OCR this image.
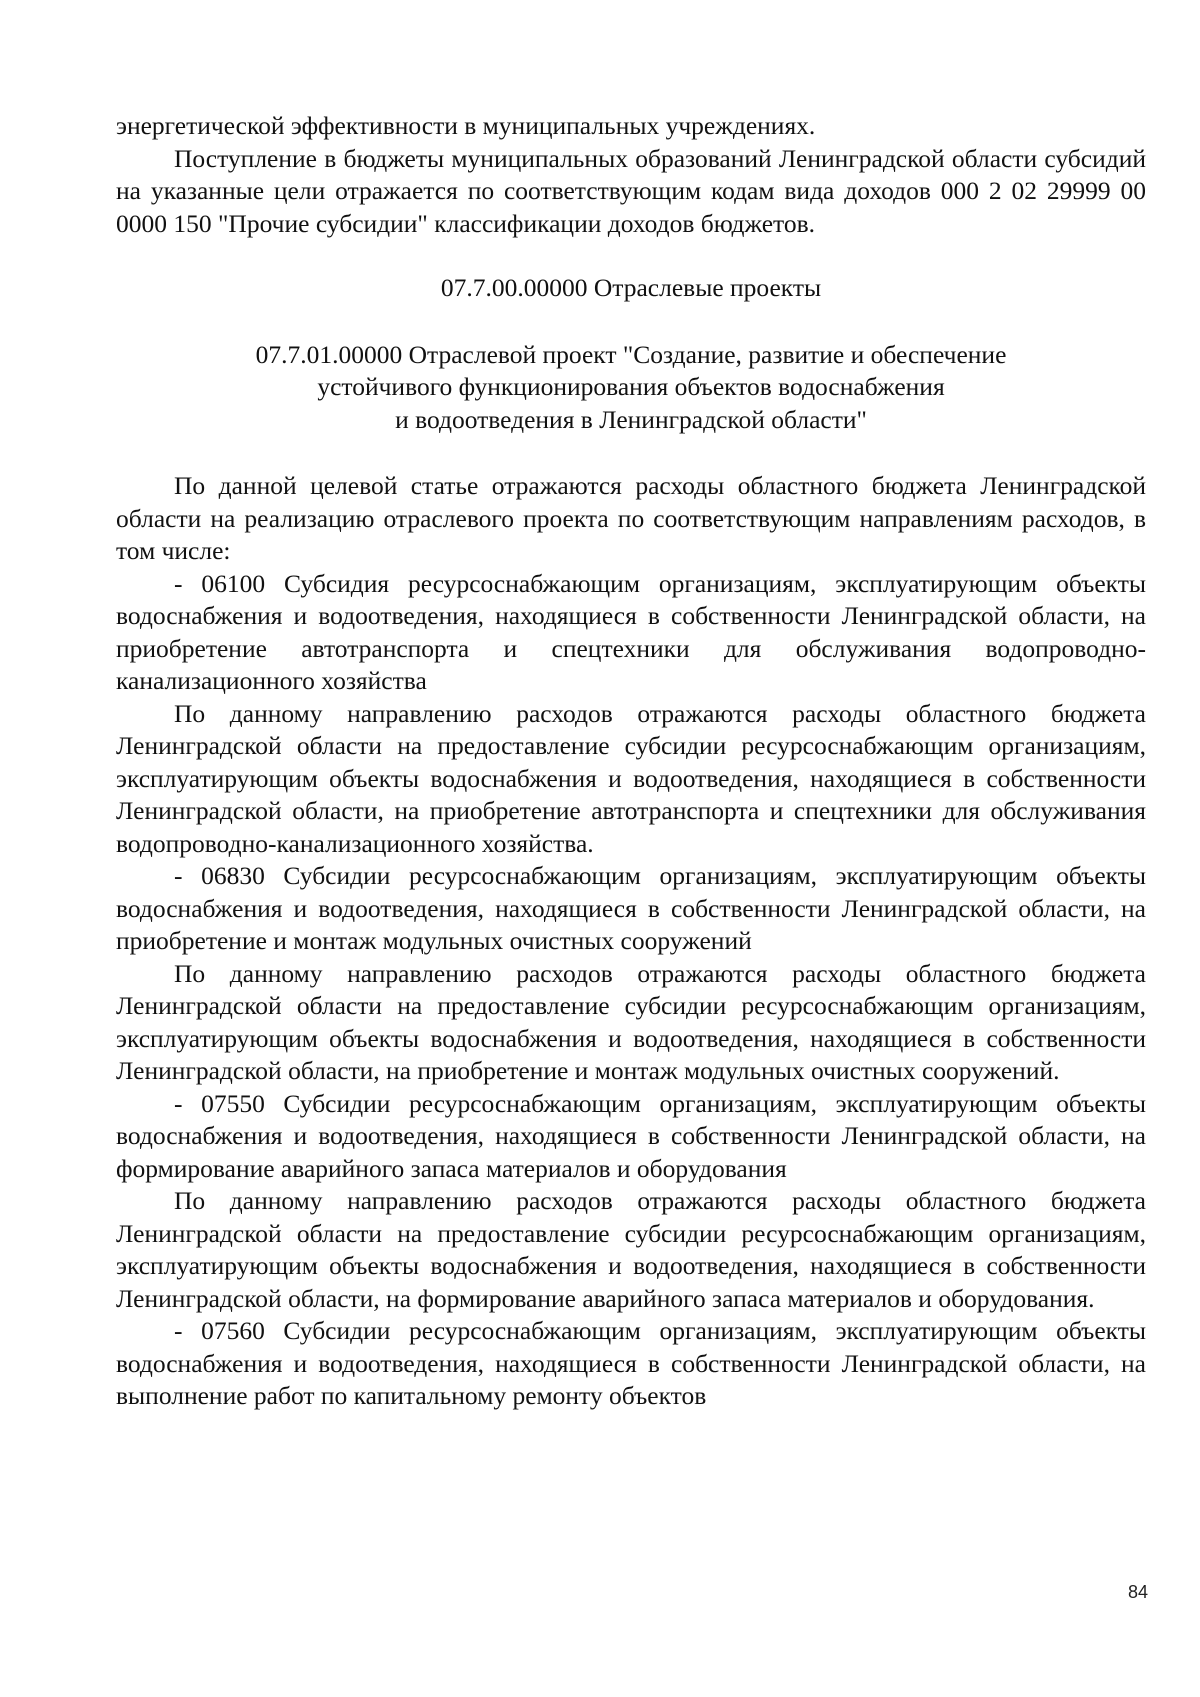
энергетической эффективности в муниципальных учреждениях.

Поступление в бюджеты муниципальных образований Ленинградской области субсидий на указанные цели отражается по соответствующим кодам вида доходов 000 2 02 29999 00 0000 150 "Прочие субсидии" классификации доходов бюджетов.

07.7.00.00000 Отраслевые проекты

07.7.01.00000 Отраслевой проект "Создание, развитие и обеспечение

устойчивого функционирования объектов водоснабжения

и водоотведения в Ленинградской области"

По данной целевой статье отражаются расходы областного бюджета Ленинградской области на реализацию отраслевого проекта по соответствующим направлениям расходов, в том числе:

- 06100 Субсидия ресурсоснабжающим организациям, эксплуатирующим объекты водоснабжения и водоотведения, находящиеся в собственности Ленинградской области, на приобретение автотранспорта и спецтехники для обслуживания водопроводно-канализационного хозяйства

По данному направлению расходов отражаются расходы областного бюджета Ленинградской области на предоставление субсидии ресурсоснабжающим организациям, эксплуатирующим объекты водоснабжения и водоотведения, находящиеся в собственности Ленинградской области, на приобретение автотранспорта и спецтехники для обслуживания водопроводно-канализационного хозяйства.

- 06830 Субсидии ресурсоснабжающим организациям, эксплуатирующим объекты водоснабжения и водоотведения, находящиеся в собственности Ленинградской области, на приобретение и монтаж модульных очистных сооружений

По данному направлению расходов отражаются расходы областного бюджета Ленинградской области на предоставление субсидии ресурсоснабжающим организациям, эксплуатирующим объекты водоснабжения и водоотведения, находящиеся в собственности Ленинградской области, на приобретение и монтаж модульных очистных сооружений.

- 07550 Субсидии ресурсоснабжающим организациям, эксплуатирующим объекты водоснабжения и водоотведения, находящиеся в собственности Ленинградской области, на формирование аварийного запаса материалов и оборудования

По данному направлению расходов отражаются расходы областного бюджета Ленинградской области на предоставление субсидии ресурсоснабжающим организациям, эксплуатирующим объекты водоснабжения и водоотведения, находящиеся в собственности Ленинградской области, на формирование аварийного запаса материалов и оборудования.

- 07560 Субсидии ресурсоснабжающим организациям, эксплуатирующим объекты водоснабжения и водоотведения, находящиеся в собственности Ленинградской области, на выполнение работ по капитальному ремонту объектов

84
